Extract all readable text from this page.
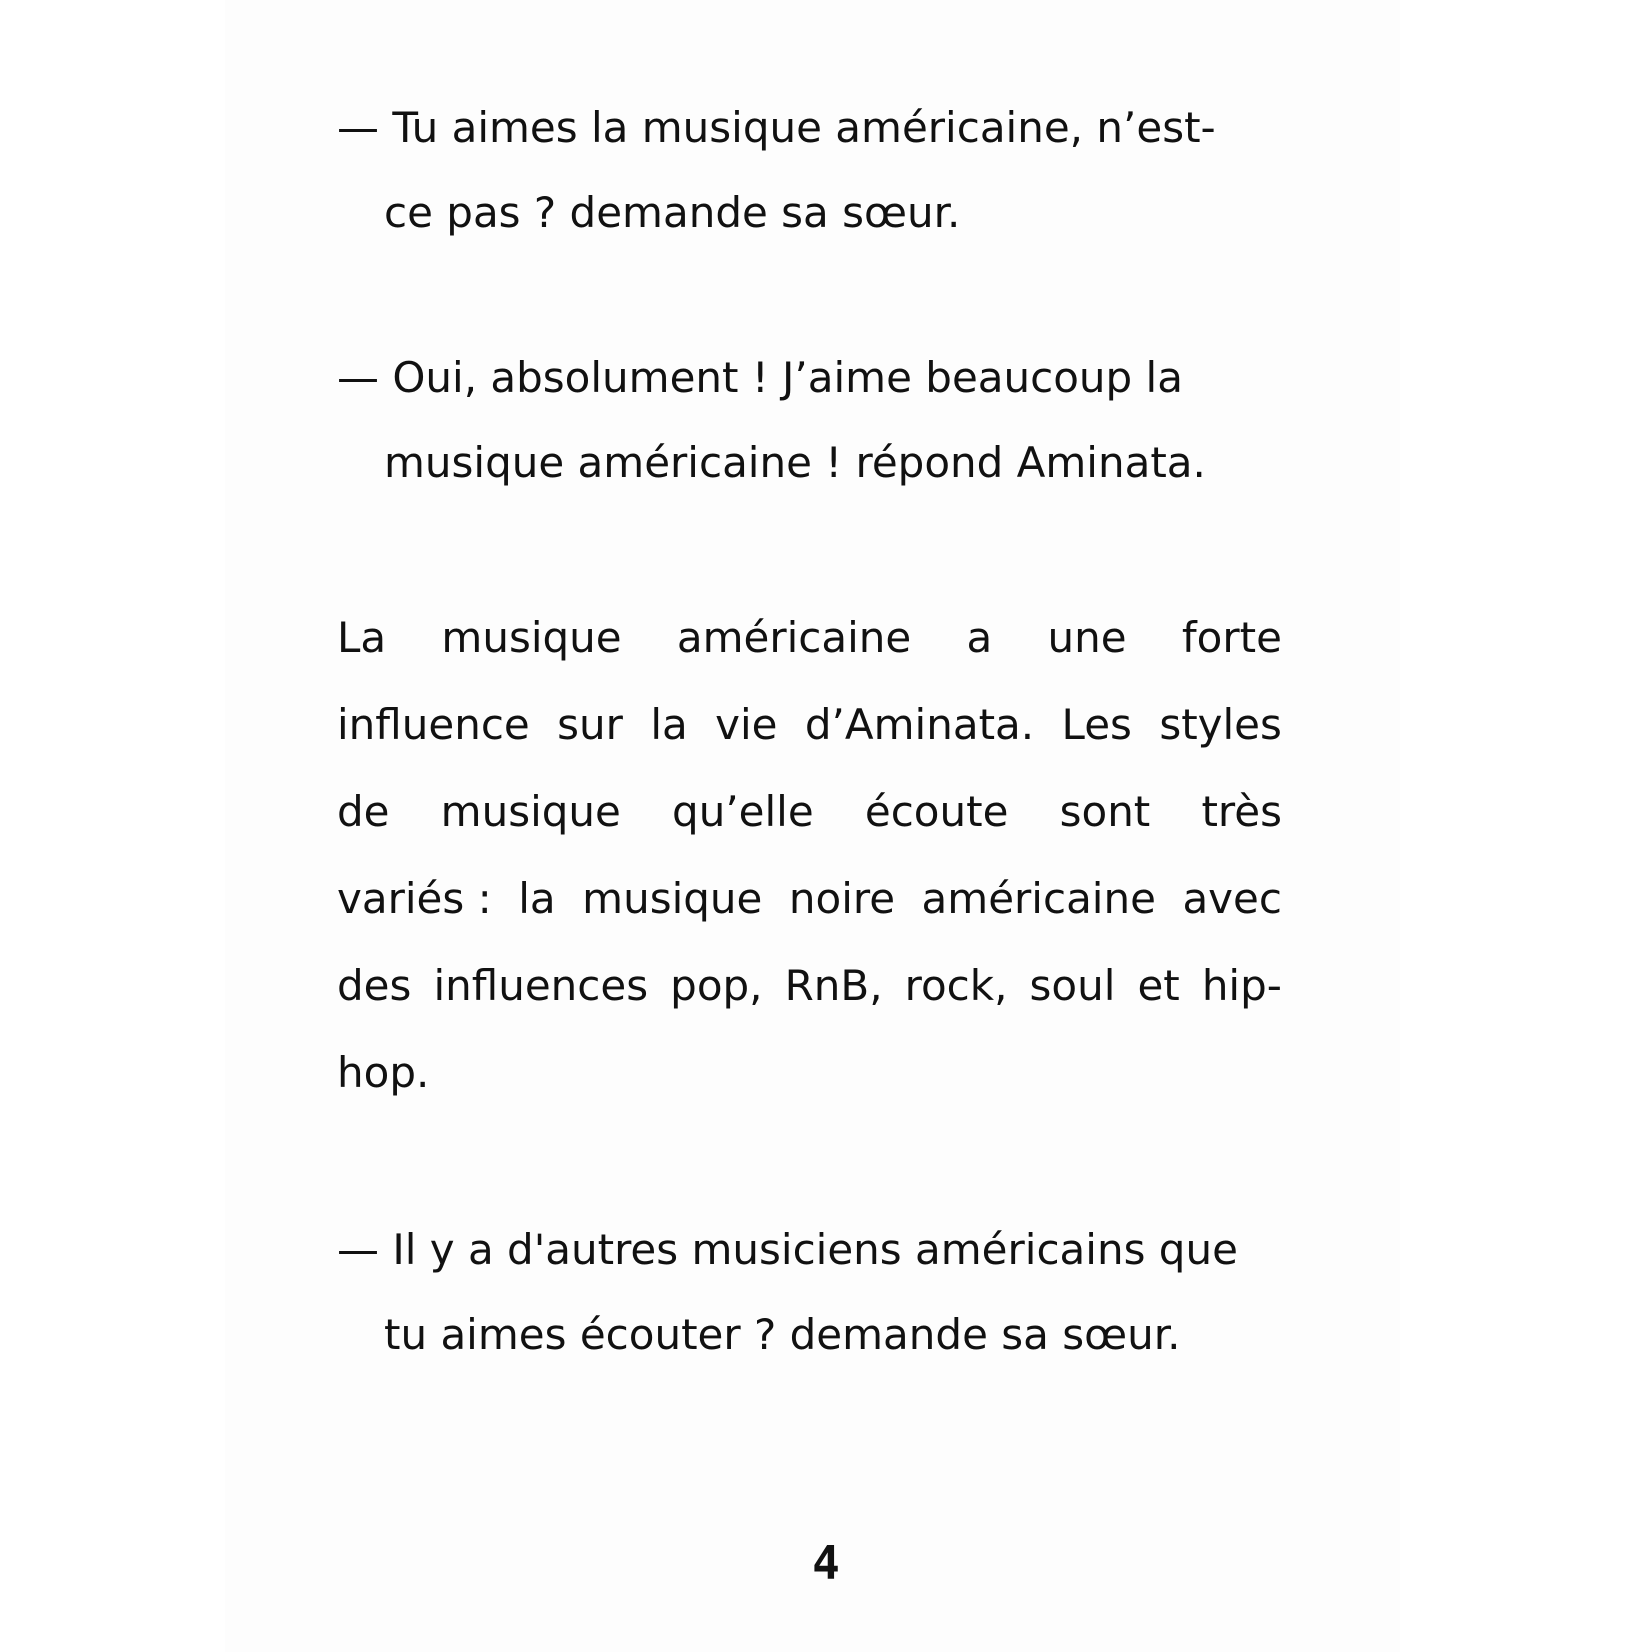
— Tu aimes la musique américaine, n’est-
ce pas ? demande sa sœur.
— Oui, absolument ! J’aime beaucoup la
musique américaine ! répond Aminata.
La musique américaine a une forte
influence sur la vie d’Aminata. Les styles
de musique qu’elle écoute sont très
variés : la musique noire américaine avec
des influences pop, RnB, rock, soul et hip-
hop.
— Il y a d'autres musiciens américains que
tu aimes écouter ? demande sa sœur.
4
